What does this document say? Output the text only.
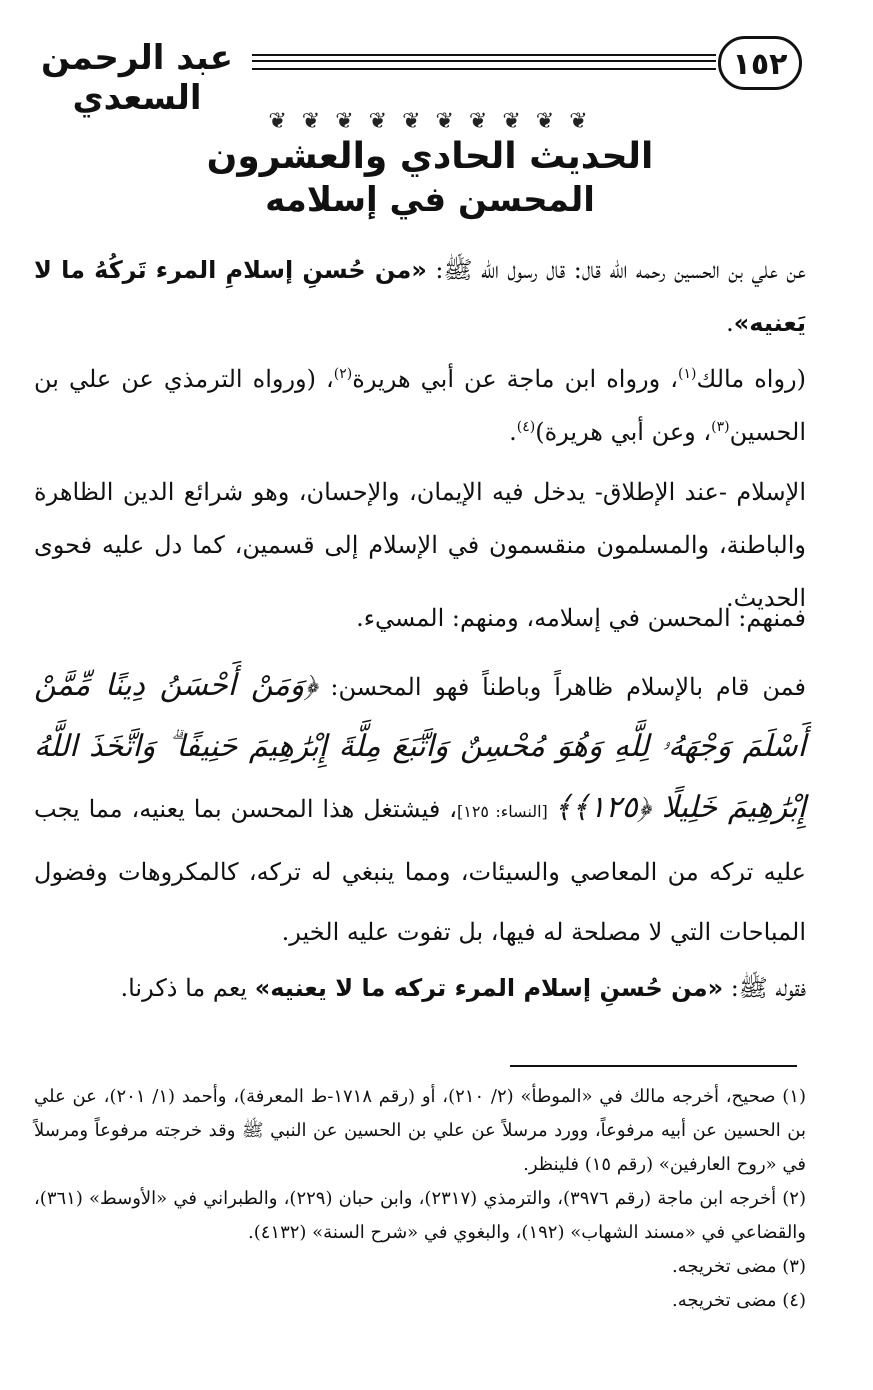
عبد الرحمن السعدي
١٥٢
❦ ❦ ❦ ❦ ❦ ❦ ❦ ❦ ❦ ❦
الحديث الحادي والعشرون
المحسن في إسلامه

عن علي بن الحسين رحمه الله قال: قال رسول الله ﷺ: «من حُسنِ إسلامِ المرء تَركُهُ ما لا يَعنيه».

(رواه مالك$^{(١)}$، ورواه ابن ماجة عن أبي هريرة$^{(٢)}$، (ورواه الترمذي عن علي بن الحسين$^{(٣)}$، وعن أبي هريرة)$^{(٤)}$.

الإسلام -عند الإطلاق- يدخل فيه الإيمان، والإحسان، وهو شرائع الدين الظاهرة والباطنة، والمسلمون منقسمون في الإسلام إلى قسمين، كما دل عليه فحوى الحديث.

فمنهم: المحسن في إسلامه، ومنهم: المسيء.

فمن قام بالإسلام ظاهراً وباطناً فهو المحسن: ﴿وَمَنْ أَحْسَنُ دِينًا مِّمَّنْ أَسْلَمَ وَجْهَهُۥ لِلَّهِ وَهُوَ مُحْسِنٌ وَاتَّبَعَ مِلَّةَ إِبْرَٰهِيمَ حَنِيفًا ۗ وَاتَّخَذَ اللَّهُ إِبْرَٰهِيمَ خَلِيلًا ﴿١٢٥﴾﴾ [النساء: ١٢٥]، فيشتغل هذا المحسن بما يعنيه، مما يجب عليه تركه من المعاصي والسيئات، ومما ينبغي له تركه، كالمكروهات وفضول المباحات التي لا مصلحة له فيها، بل تفوت عليه الخير.

فقوله ﷺ: «من حُسنِ إسلام المرء تركه ما لا يعنيه» يعم ما ذكرنا.

(١) صحيح، أخرجه مالك في «الموطأ» (٢/ ٢١٠)، أو (رقم ١٧١٨-ط المعرفة)، وأحمد (١/ ٢٠١)، عن علي بن الحسين عن أبيه مرفوعاً، وورد مرسلاً عن علي بن الحسين عن النبي ﷺ وقد خرجته مرفوعاً ومرسلاً في «روح العارفين» (رقم ١٥) فلينظر.

(٢) أخرجه ابن ماجة (رقم ٣٩٧٦)، والترمذي (٢٣١٧)، وابن حبان (٢٢٩)، والطبراني في «الأوسط» (٣٦١)، والقضاعي في «مسند الشهاب» (١٩٢)، والبغوي في «شرح السنة» (٤١٣٢).

(٣) مضى تخريجه.

(٤) مضى تخريجه.
